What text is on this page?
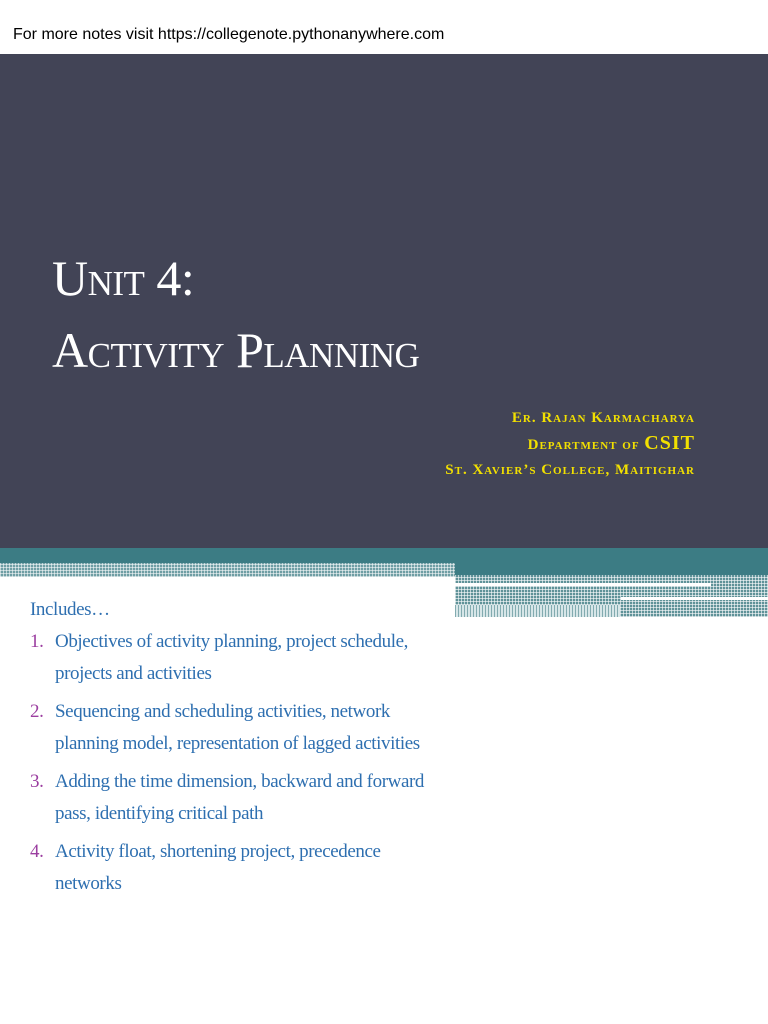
For more notes visit https://collegenote.pythonanywhere.com
Unit 4:
Activity Planning
Er. Rajan Karmacharya
Department of CSIT
St. Xavier’s College, Maitighar
Includes…
1. Objectives of activity planning, project schedule, projects and activities
2. Sequencing and scheduling activities, network planning model, representation of lagged activities
3. Adding the time dimension, backward and forward pass, identifying critical path
4. Activity float, shortening project, precedence networks
